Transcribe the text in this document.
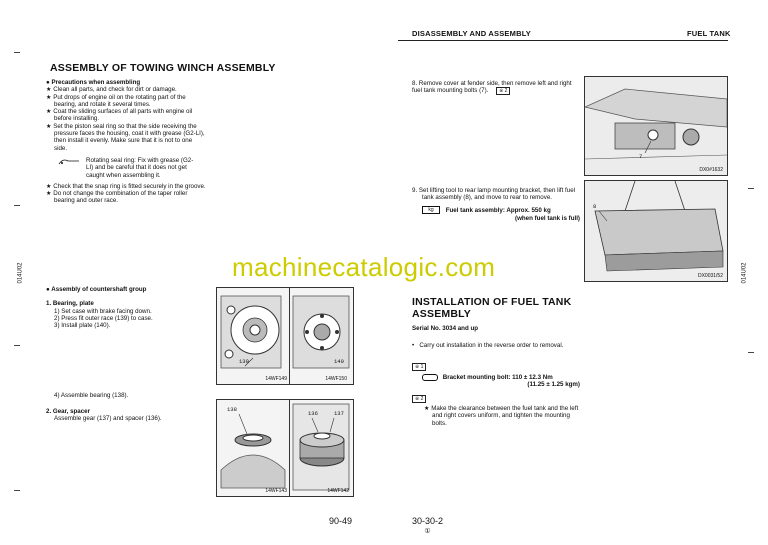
DISASSEMBLY AND ASSEMBLY	FUEL TANK
014U02	014U02
ASSEMBLY OF TOWING WINCH ASSEMBLY
● Precautions when assembling
★ Clean all parts, and check for dirt or damage.
★ Put drops of engine oil on the rotating part of the bearing, and rotate it several times.
★ Coat the sliding surfaces of all parts with engine oil before installing.
★ Set the piston seal ring so that the side receiving the pressure faces the housing, coat it with grease (G2-LI), then install it evenly. Make sure that it is not to one side.
Rotating seal ring: Fix with grease (G2-LI) and be careful that it does not get caught when assembling it.
★ Check that the snap ring is fitted securely in the groove.
★ Do not change the combination of the taper roller bearing and outer race.
machinecatalogic.com
● Assembly of countershaft group
1. Bearing, plate
1) Set case with brake facing down.
2) Press fit outer race (139) to case.
3) Install plate (140).
4) Assemble bearing (138).
2. Gear, spacer
Assemble gear (137) and spacer (136).
139
14WF149
140
14WF150
138
14WF143
136	137
14WF142
90-49
8. Remove cover at fender side, then remove left and right fuel tank mounting bolts (7). ※ 2
7
DX0#1632
9. Set lifting tool to rear lamp mounting bracket, then lift fuel tank assembly (8), and move to rear to remove.
kg Fuel tank assembly: Approx. 550 kg
(when fuel tank is full)
8
DX0031/52
INSTALLATION OF FUEL TANK
ASSEMBLY
Serial No. 3034 and up
•   Carry out installation in the reverse order to removal.
※ 1
Bracket mounting bolt: 110 ± 12.3 Nm
(11.25 ± 1.25 kgm)
※ 2
★ Make the clearance between the fuel tank and the left and right covers uniform, and tighten the mounting bolts.
30-30-2
①
